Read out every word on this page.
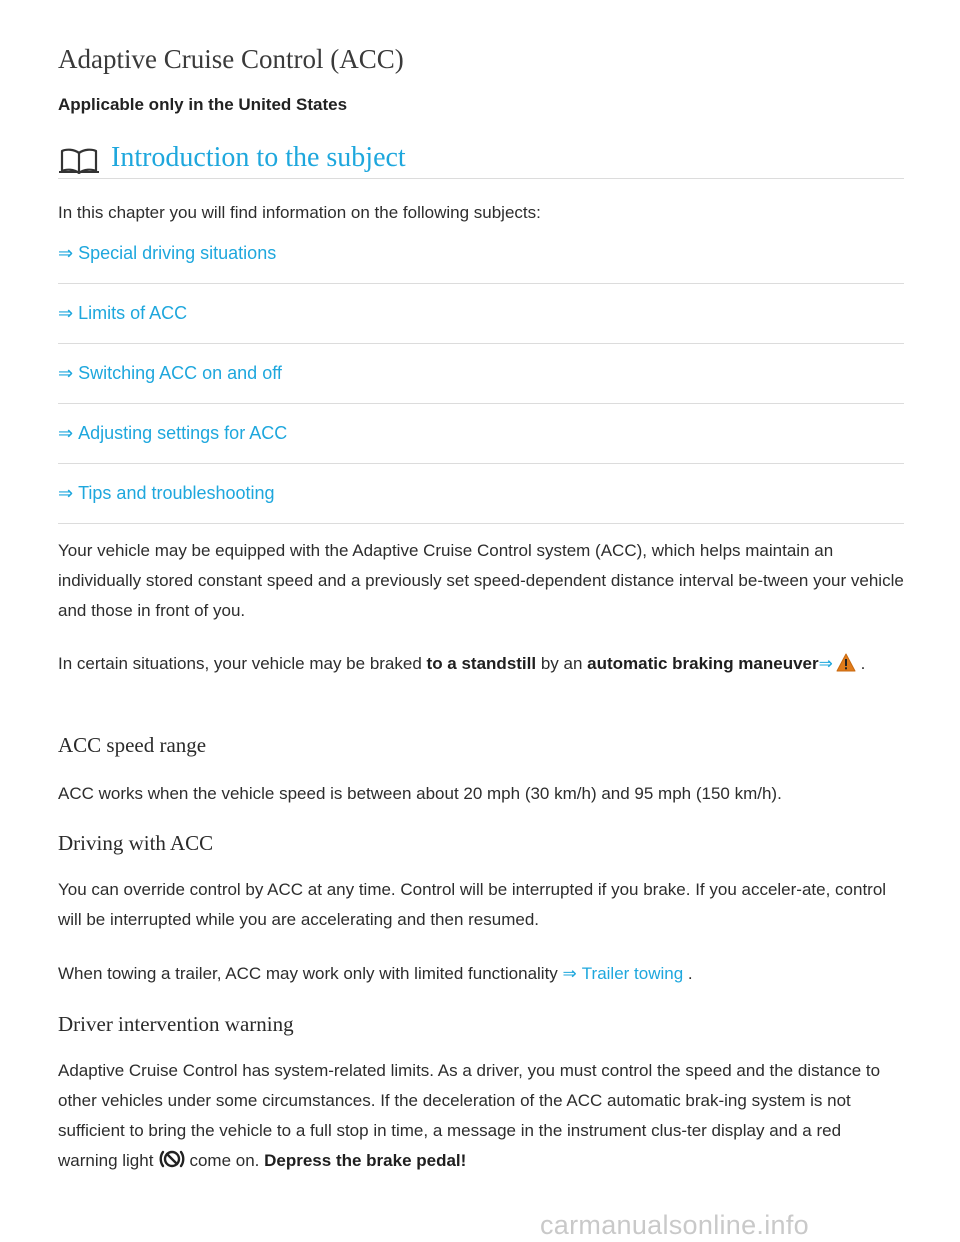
Adaptive Cruise Control (ACC)

Applicable only in the United States

Introduction to the subject

In this chapter you will find information on the following subjects:

⇒ Special driving situations
⇒ Limits of ACC
⇒ Switching ACC on and off
⇒ Adjusting settings for ACC
⇒ Tips and troubleshooting

Your vehicle may be equipped with the Adaptive Cruise Control system (ACC), which helps maintain an individually stored constant speed and a previously set speed-dependent distance interval be-tween your vehicle and those in front of you.

In certain situations, your vehicle may be braked to a standstill by an automatic braking maneuver⇒ .

ACC speed range

ACC works when the vehicle speed is between about 20 mph (30 km/h) and 95 mph (150 km/h).

Driving with ACC

You can override control by ACC at any time. Control will be interrupted if you brake. If you acceler-ate, control will be interrupted while you are accelerating and then resumed.

When towing a trailer, ACC may work only with limited functionality ⇒ Trailer towing .

Driver intervention warning

Adaptive Cruise Control has system-related limits. As a driver, you must control the speed and the distance to other vehicles under some circumstances. If the deceleration of the ACC automatic brak-ing system is not sufficient to bring the vehicle to a full stop in time, a message in the instrument clus-ter display and a red warning light come on. Depress the brake pedal!

carmanualsonline.info
